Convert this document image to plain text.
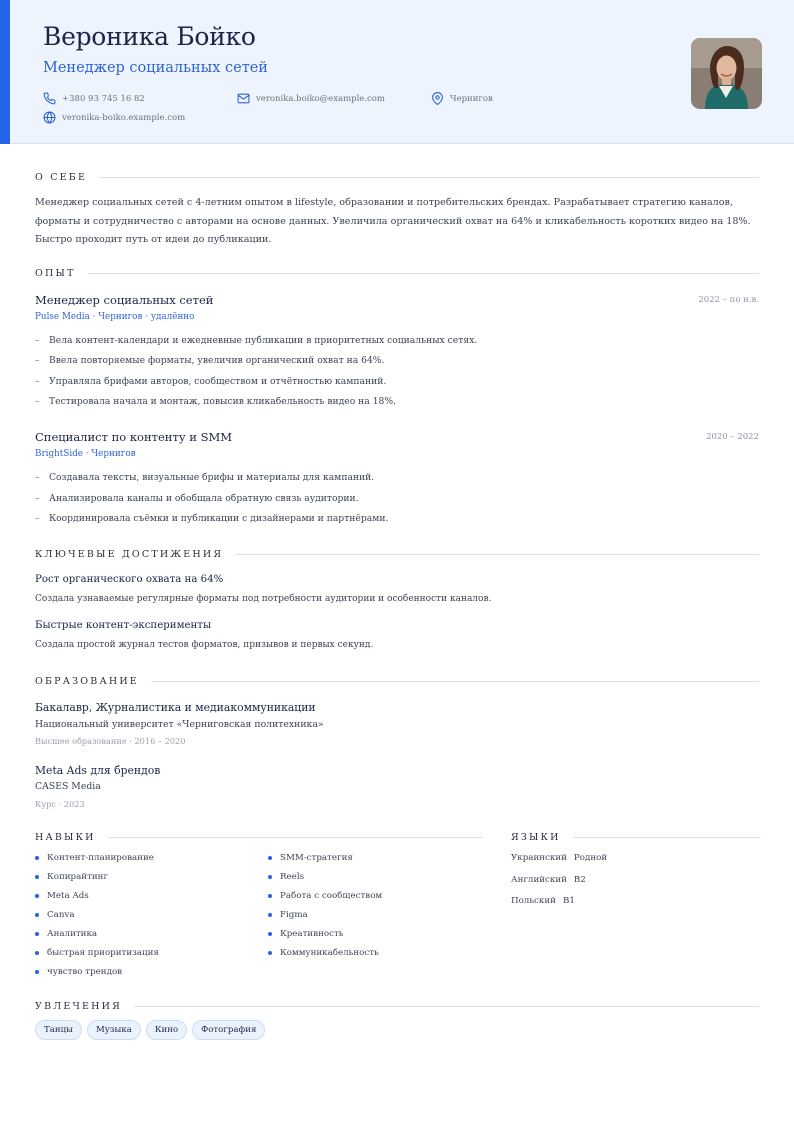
Вероника Бойко
Менеджер социальных сетей
+380 93 745 16 82	veronika.boiko@example.com	Чернигов
veronika-boiko.example.com
О СЕБЕ
Менеджер социальных сетей с 4-летним опытом в lifestyle, образовании и потребительских брендах. Разрабатывает стратегию каналов, форматы и сотрудничество с авторами на основе данных. Увеличила органический охват на 64% и кликабельность коротких видео на 18%. Быстро проходит путь от идеи до публикации.
ОПЫТ
Менеджер социальных сетей	2022 – по н.в.
Pulse Media · Чернигов · удалённо
–	Вела контент-календари и ежедневные публикации в приоритетных социальных сетях.
–	Ввела повторяемые форматы, увеличив органический охват на 64%.
–	Управляла брифами авторов, сообществом и отчётностью кампаний.
–	Тестировала начала и монтаж, повысив кликабельность видео на 18%.
Специалист по контенту и SMM	2020 – 2022
BrightSide · Чернигов
–	Создавала тексты, визуальные брифы и материалы для кампаний.
–	Анализировала каналы и обобщала обратную связь аудитории.
–	Координировала съёмки и публикации с дизайнерами и партнёрами.
КЛЮЧЕВЫЕ ДОСТИЖЕНИЯ
Рост органического охвата на 64%
Создала узнаваемые регулярные форматы под потребности аудитории и особенности каналов.
Быстрые контент-эксперименты
Создала простой журнал тестов форматов, призывов и первых секунд.
ОБРАЗОВАНИЕ
Бакалавр, Журналистика и медиакоммуникации
Национальный университет «Черниговская политехника»
Высшее образование · 2016 – 2020
Meta Ads для брендов
CASES Media
Курс · 2023
НАВЫКИ
Контент-планирование
Копирайтинг
Meta Ads
Canva
Аналитика
быстрая приоритизация
чувство трендов
SMM-стратегия
Reels
Работа с сообществом
Figma
Креативность
Коммуникабельность
ЯЗЫКИ
Украинский Родной
Английский B2
Польский B1
УВЛЕЧЕНИЯ
Танцы	Музыка	Кино	Фотография
